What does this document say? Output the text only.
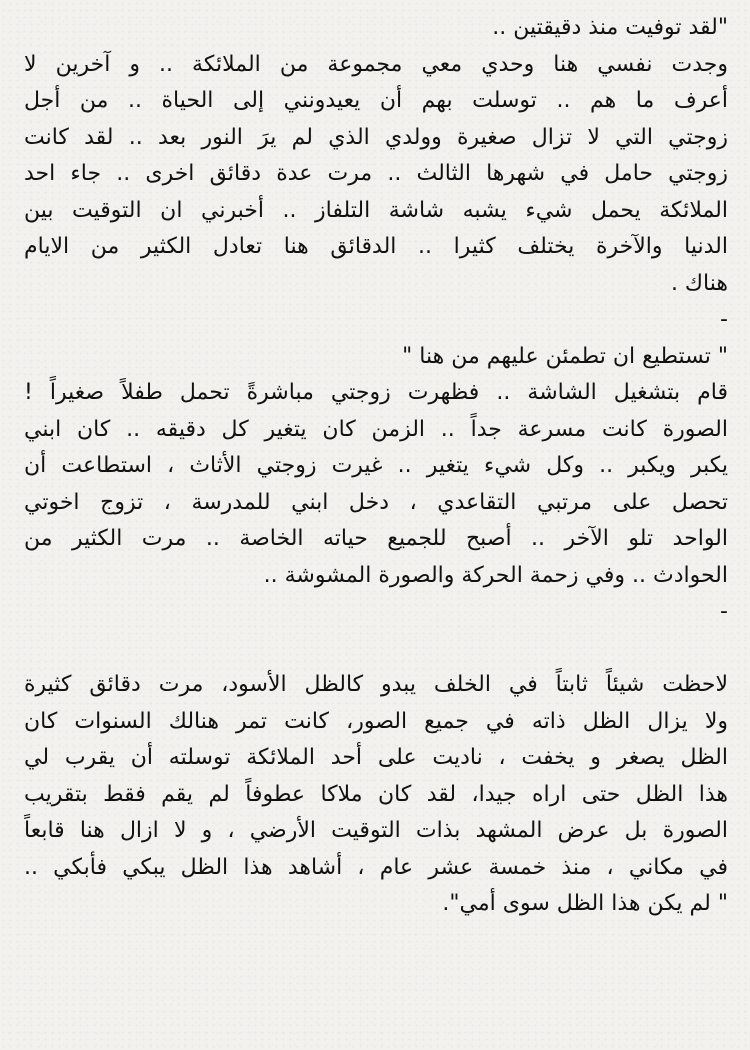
"لقد توفيت منذ دقيقتين ..
وجدت نفسي هنا وحدي معي مجموعة من الملائكة .. و آخرين لا
أعرف ما هم .. توسلت بهم أن يعيدونني إلى الحياة .. من أجل
زوجتي التي لا تزال صغيرة وولدي الذي لم يرَ النور بعد .. لقد كانت
زوجتي حامل في شهرها الثالث .. مرت عدة دقائق اخرى .. جاء احد
الملائكة يحمل شيء يشبه شاشة التلفاز .. أخبرني ان التوقيت بين
الدنيا والآخرة يختلف كثيرا .. الدقائق هنا تعادل الكثير من الايام
هناك .
-
" تستطيع ان تطمئن عليهم من هنا "
قام بتشغيل الشاشة .. فظهرت زوجتي مباشرةً تحمل طفلاً صغيراً !
الصورة كانت مسرعة جداً .. الزمن كان يتغير كل دقيقه .. كان ابني
يكبر ويكبر .. وكل شيء يتغير .. غيرت زوجتي الأثاث ، استطاعت أن
تحصل على مرتبي التقاعدي ، دخل ابني للمدرسة ، تزوج اخوتي
الواحد تلو الآخر .. أصبح للجميع حياته الخاصة .. مرت الكثير من
الحوادث .. وفي زحمة الحركة والصورة المشوشة ..
-
لاحظت شيئاً ثابتاً في الخلف يبدو كالظل الأسود، مرت دقائق كثيرة
ولا يزال الظل ذاته في جميع الصور، كانت تمر هنالك السنوات كان
الظل يصغر و يخفت ، ناديت على أحد الملائكة توسلته أن يقرب لي
هذا الظل حتى اراه جيدا، لقد كان ملاكا عطوفاً لم يقم فقط بتقريب
الصورة بل عرض المشهد بذات التوقيت الأرضي ، و لا ازال هنا قابعاً
في مكاني ، منذ خمسة عشر عام ، أشاهد هذا الظل يبكي فأبكي ..
" لم يكن هذا الظل سوى أمي".
